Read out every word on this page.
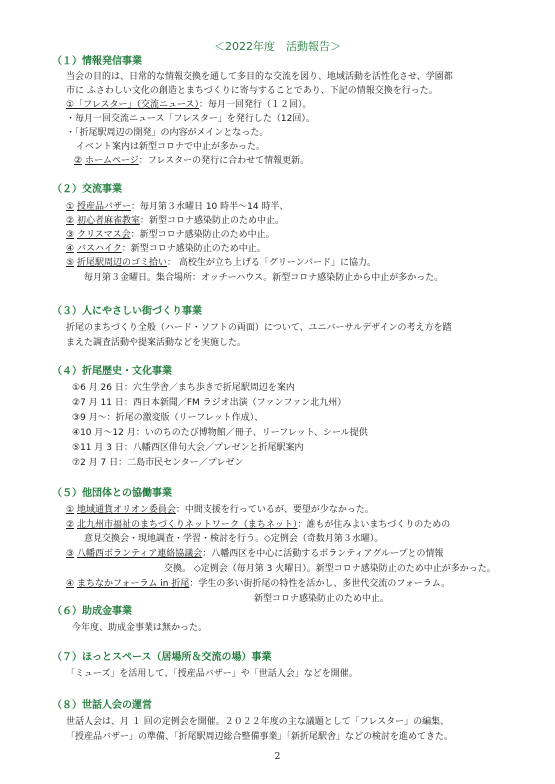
＜2022年度　活動報告＞
（１）情報発信事業
当会の目的は、日常的な情報交換を通して多目的な交流を図り、地域活動を活性化させ、学園都
市に ふさわしい文化の創造とまちづくりに寄与することであり、下記の情報交換を行った。
①「フレスター」（交流ニュース）：毎月一回発行（１２回）。
・毎月一回交流ニュース「フレスター」を発行した（12回）。
・「折尾駅周辺の開発」の内容がメインとなった。
イベント案内は新型コロナで中止が多かった。
② ホームページ：フレスターの発行に合わせて情報更新。
（２）交流事業
① 授産品バザー：毎月第３水曜日 10 時半～14 時半、
② 初心者麻雀教室：新型コロナ感染防止のため中止。
③ クリスマス会：新型コロナ感染防止のため中止。
④ バスハイク：新型コロナ感染防止のため中止。
⑤ 折尾駅周辺のゴミ拾い： 高校生が立ち上げる「グリーンバード」に協力。
毎月第３金曜日。集合場所：オッチーハウス。新型コロナ感染防止から中止が多かった。
（３）人にやさしい街づくり事業
折尾のまちづくり全般（ハード・ソフトの両面）について、ユニバーサルデザインの考え方を踏
まえた調査活動や提案活動などを実施した。
（４）折尾歴史・文化事業
①6 月 26 日：穴生学舎／まち歩きで折尾駅周辺を案内
②7 月 11 日：西日本新聞／FM ラジオ出演（ファンファン北九州）
③9 月～：折尾の激変版（リーフレット作成）、
④10 月～12 月：いのちのたび博物館／冊子、リーフレット、シール提供
⑤11 月 3 日：八幡西区俳句大会／プレゼンと折尾駅案内
⑦2 月 7 日：二島市民センター／プレゼン
（５）他団体との協働事業
① 地域通貨オリオン委員会：中間支援を行っているが、要望が少なかった。
② 北九州市福祉のまちづくりネットワーク（まちネット）：誰もが住みよいまちづくりのための
意見交換会・現地調査・学習・検討を行う。◇定例会（奇数月第３水曜）。
③ 八幡西ボランティア連絡協議会：八幡西区を中心に活動するボランティアグループとの情報
交換。 ◇定例会（毎月第 3 火曜日）。新型コロナ感染防止のため中止が多かった。
④ まちなかフォーラム in 折尾：学生の多い街折尾の特性を活かし、多世代交流のフォーラム。
新型コロナ感染防止のため中止。
（６）助成金事業
今年度、助成金事業は無かった。
（７）ほっとスペース（居場所＆交流の場）事業
「ミューズ」を活用して、「授産品バザー」や「世話人会」などを開催。
（８）世話人会の運営
世話人会は、月 １ 回の定例会を開催。２０２２年度の主な議題として「フレスター」の編集、
「授産品バザー」の準備、「折尾駅周辺総合整備事業」「新折尾駅舎」などの検討を進めてきた。
2
